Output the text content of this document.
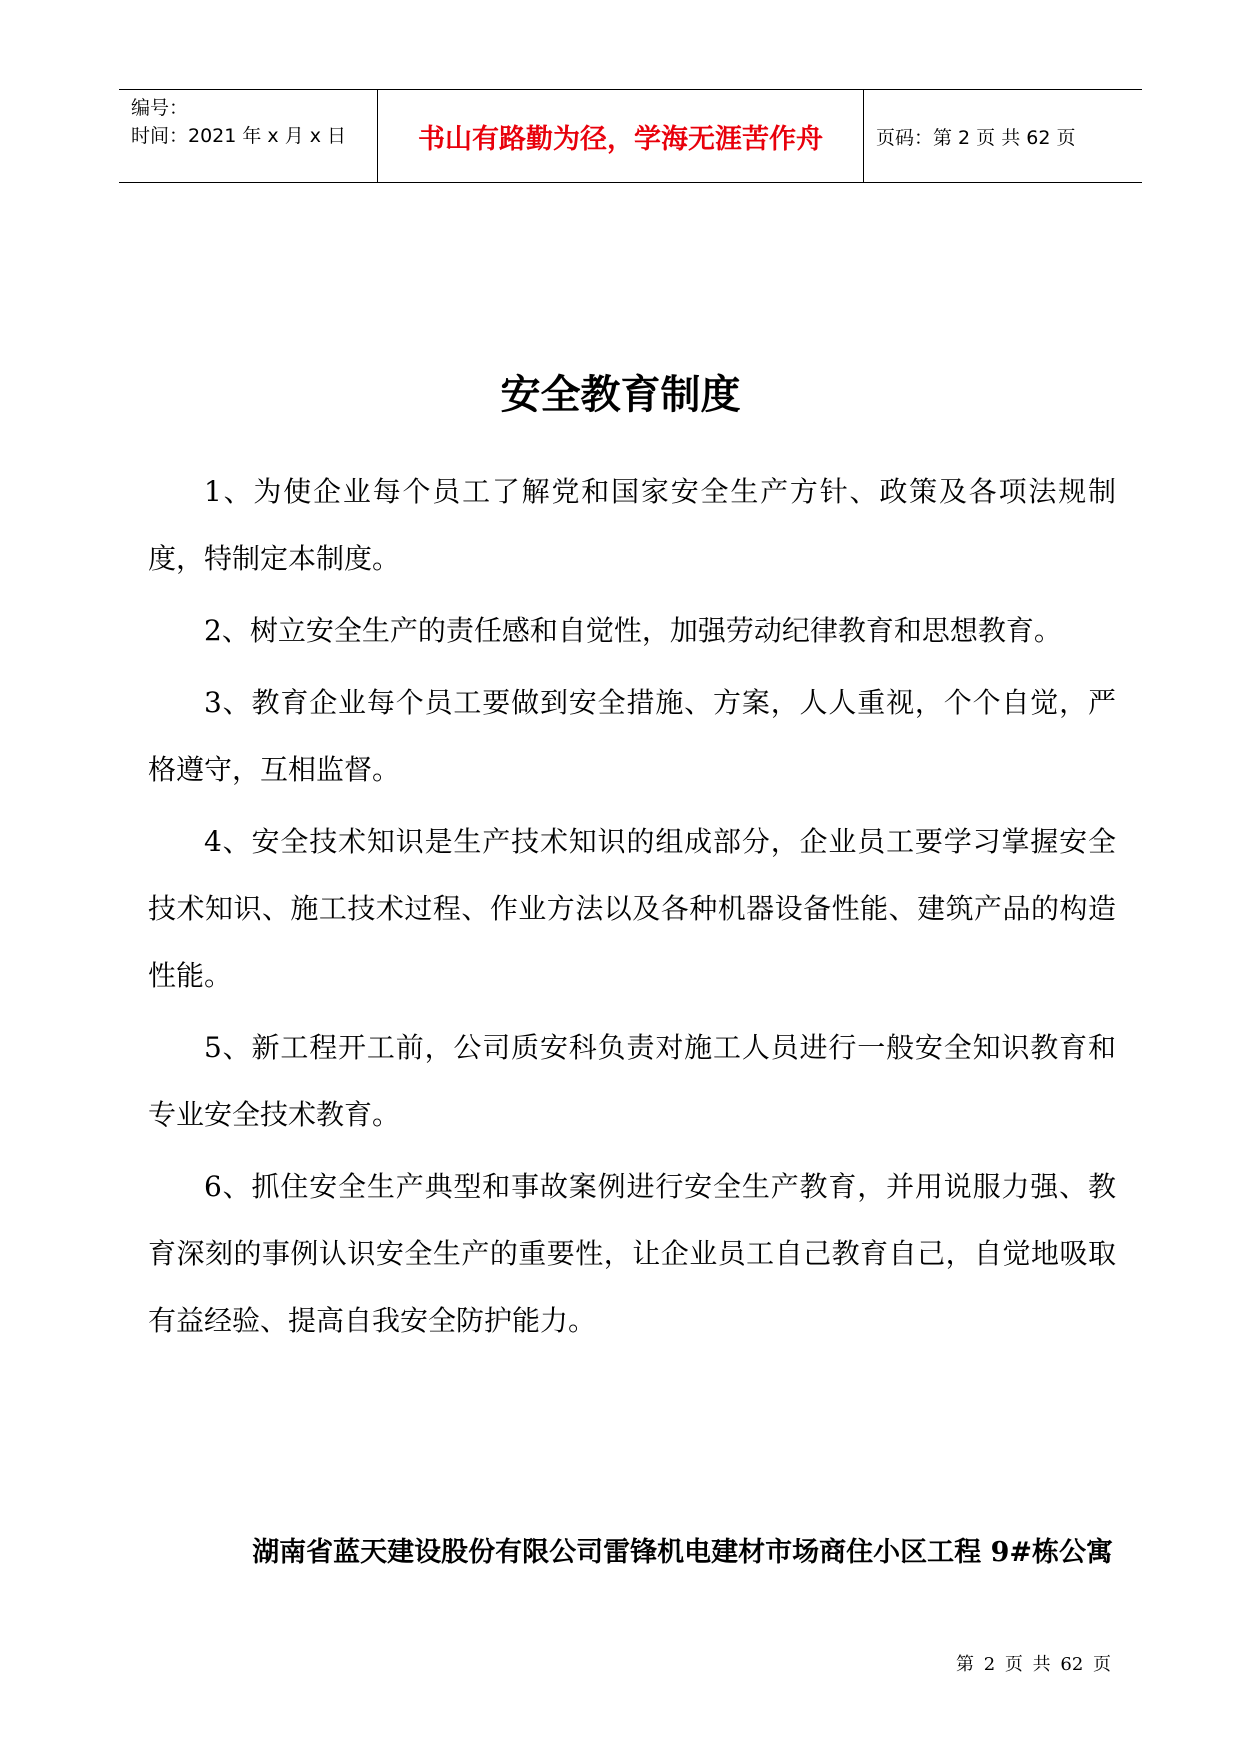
编号：
时间：2021 年 x 月 x 日	书山有路勤为径，学海无涯苦作舟	页码：第 2 页 共 62 页
安全教育制度

1、为使企业每个员工了解党和国家安全生产方针、政策及各项法规制度，特制定本制度。

2、树立安全生产的责任感和自觉性，加强劳动纪律教育和思想教育。

3、教育企业每个员工要做到安全措施、方案，人人重视，个个自觉，严格遵守，互相监督。

4、安全技术知识是生产技术知识的组成部分，企业员工要学习掌握安全技术知识、施工技术过程、作业方法以及各种机器设备性能、建筑产品的构造性能。

5、新工程开工前，公司质安科负责对施工人员进行一般安全知识教育和专业安全技术教育。

6、抓住安全生产典型和事故案例进行安全生产教育，并用说服力强、教育深刻的事例认识安全生产的重要性，让企业员工自己教育自己，自觉地吸取有益经验、提高自我安全防护能力。

湖南省蓝天建设股份有限公司雷锋机电建材市场商住小区工程 9#栋公寓
第 2 页 共 62 页
